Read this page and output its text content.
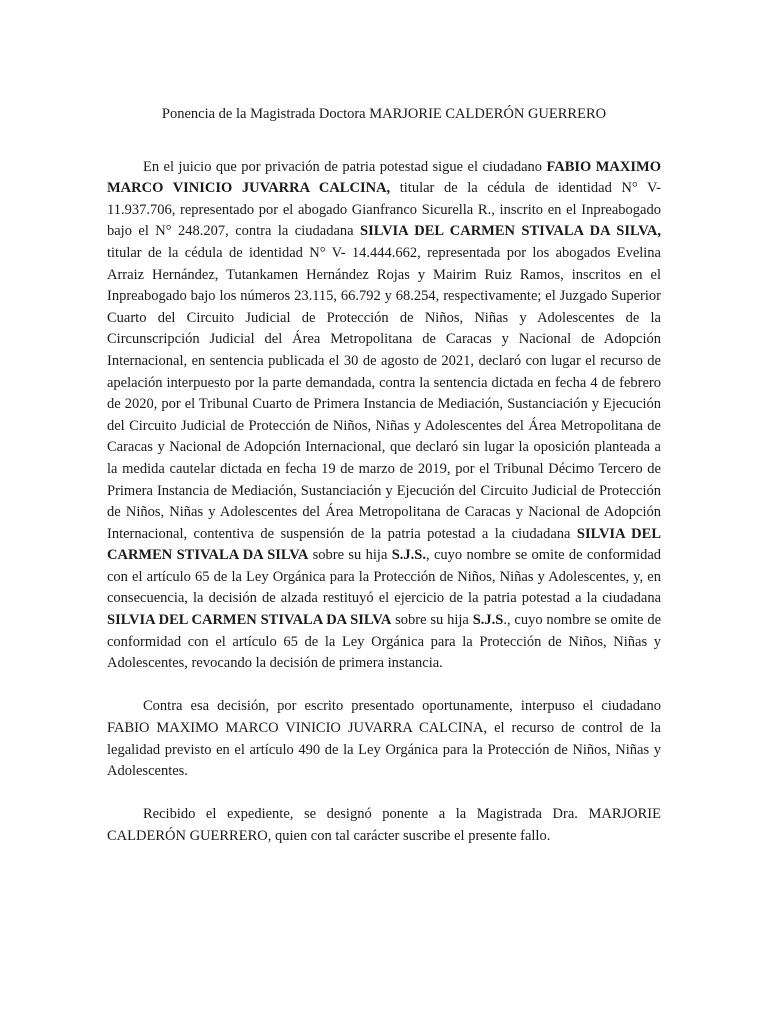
Ponencia de la Magistrada Doctora MARJORIE CALDERÓN GUERRERO

En el juicio que por privación de patria potestad sigue el ciudadano FABIO MAXIMO MARCO VINICIO JUVARRA CALCINA, titular de la cédula de identidad N° V- 11.937.706, representado por el abogado Gianfranco Sicurella R., inscrito en el Inpreabogado bajo el N° 248.207, contra la ciudadana SILVIA DEL CARMEN STIVALA DA SILVA, titular de la cédula de identidad N° V- 14.444.662, representada por los abogados Evelina Arraiz Hernández, Tutankamen Hernández Rojas y Mairim Ruiz Ramos, inscritos en el Inpreabogado bajo los números 23.115, 66.792 y 68.254, respectivamente; el Juzgado Superior Cuarto del Circuito Judicial de Protección de Niños, Niñas y Adolescentes de la Circunscripción Judicial del Área Metropolitana de Caracas y Nacional de Adopción Internacional, en sentencia publicada el 30 de agosto de 2021, declaró con lugar el recurso de apelación interpuesto por la parte demandada, contra la sentencia dictada en fecha 4 de febrero de 2020, por el Tribunal Cuarto de Primera Instancia de Mediación, Sustanciación y Ejecución del Circuito Judicial de Protección de Niños, Niñas y Adolescentes del Área Metropolitana de Caracas y Nacional de Adopción Internacional, que declaró sin lugar la oposición planteada a la medida cautelar dictada en fecha 19 de marzo de 2019, por el Tribunal Décimo Tercero de Primera Instancia de Mediación, Sustanciación y Ejecución del Circuito Judicial de Protección de Niños, Niñas y Adolescentes del Área Metropolitana de Caracas y Nacional de Adopción Internacional, contentiva de suspensión de la patria potestad a la ciudadana SILVIA DEL CARMEN STIVALA DA SILVA sobre su hija S.J.S., cuyo nombre se omite de conformidad con el artículo 65 de la Ley Orgánica para la Protección de Niños, Niñas y Adolescentes, y, en consecuencia, la decisión de alzada restituyó el ejercicio de la patria potestad a la ciudadana SILVIA DEL CARMEN STIVALA DA SILVA sobre su hija S.J.S., cuyo nombre se omite de conformidad con el artículo 65 de la Ley Orgánica para la Protección de Niños, Niñas y Adolescentes, revocando la decisión de primera instancia.

Contra esa decisión, por escrito presentado oportunamente, interpuso el ciudadano FABIO MAXIMO MARCO VINICIO JUVARRA CALCINA, el recurso de control de la legalidad previsto en el artículo 490 de la Ley Orgánica para la Protección de Niños, Niñas y Adolescentes.

Recibido el expediente, se designó ponente a la Magistrada Dra. MARJORIE CALDERÓN GUERRERO, quien con tal carácter suscribe el presente fallo.
